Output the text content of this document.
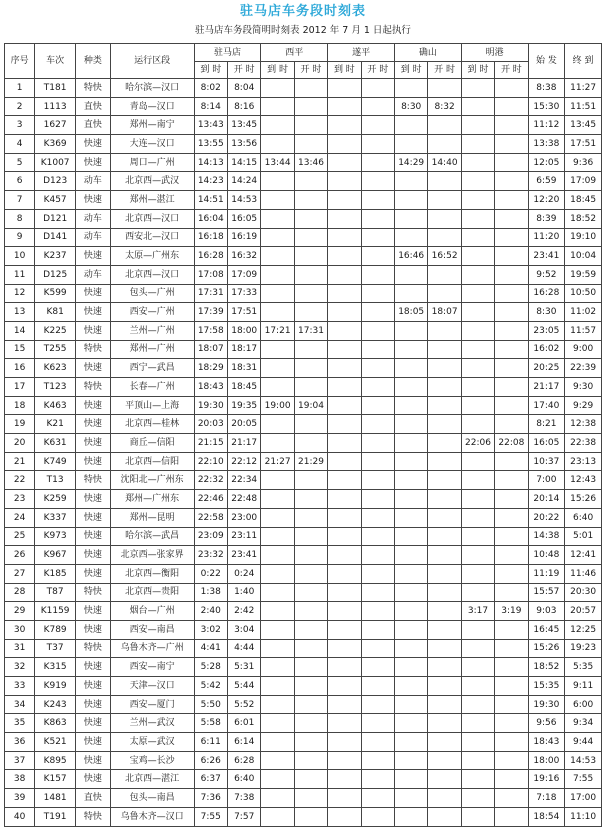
驻马店车务段时刻表
驻马店车务段简明时刻表 2012 年 7 月 1 日起执行
序号	车次	种类	运行区段	驻马店		西平		遂平		确山		明港		始 发	终 到
				到 时	开 时	到 时	开 时	到 时	开 时	到 时	开 时	到 时	开 时		
1	T181	特快	哈尔滨—汉口	8:02	8:04									8:38	11:27
2	1113	直快	青岛—汉口	8:14	8:16					8:30	8:32			15:30	11:51
3	1627	直快	郑州—南宁	13:43	13:45									11:12	13:45
4	K369	快速	大连—汉口	13:55	13:56									13:38	17:51
5	K1007	快速	周口—广州	14:13	14:15	13:44	13:46			14:29	14:40			12:05	9:36
6	D123	动车	北京西—武汉	14:23	14:24									6:59	17:09
7	K457	快速	郑州—湛江	14:51	14:53									12:20	18:45
8	D121	动车	北京西—汉口	16:04	16:05									8:39	18:52
9	D141	动车	西安北—汉口	16:18	16:19									11:20	19:10
10	K237	快速	太原—广州东	16:28	16:32					16:46	16:52			23:41	10:04
11	D125	动车	北京西—汉口	17:08	17:09									9:52	19:59
12	K599	快速	包头—广州	17:31	17:33									16:28	10:50
13	K81	快速	西安—广州	17:39	17:51					18:05	18:07			8:30	11:02
14	K225	快速	兰州—广州	17:58	18:00	17:21	17:31							23:05	11:57
15	T255	特快	郑州—广州	18:07	18:17									16:02	9:00
16	K623	快速	西宁—武昌	18:29	18:31									20:25	22:39
17	T123	特快	长春—广州	18:43	18:45									21:17	9:30
18	K463	快速	平顶山—上海	19:30	19:35	19:00	19:04							17:40	9:29
19	K21	快速	北京西—桂林	20:03	20:05									8:21	12:38
20	K631	快速	商丘—信阳	21:15	21:17							22:06	22:08	16:05	22:38
21	K749	快速	北京西—信阳	22:10	22:12	21:27	21:29							10:37	23:13
22	T13	特快	沈阳北—广州东	22:32	22:34									7:00	12:43
23	K259	快速	郑州—广州东	22:46	22:48									20:14	15:26
24	K337	快速	郑州—昆明	22:58	23:00									20:22	6:40
25	K973	快速	哈尔滨—武昌	23:09	23:11									14:38	5:01
26	K967	快速	北京西—张家界	23:32	23:41									10:48	12:41
27	K185	快速	北京西—衡阳	0:22	0:24									11:19	11:46
28	T87	特快	北京西—贵阳	1:38	1:40									15:57	20:30
29	K1159	快速	烟台—广州	2:40	2:42							3:17	3:19	9:03	20:57
30	K789	快速	西安—南昌	3:02	3:04									16:45	12:25
31	T37	特快	乌鲁木齐—广州	4:41	4:44									15:26	19:23
32	K315	快速	西安—南宁	5:28	5:31									18:52	5:35
33	K919	快速	天津—汉口	5:42	5:44									15:35	9:11
34	K243	快速	西安—厦门	5:50	5:52									19:30	6:00
35	K863	快速	兰州—武汉	5:58	6:01									9:56	9:34
36	K521	快速	太原—武汉	6:11	6:14									18:43	9:44
37	K895	快速	宝鸡—长沙	6:26	6:28									18:00	14:53
38	K157	快速	北京西—湛江	6:37	6:40									19:16	7:55
39	1481	直快	包头—南昌	7:36	7:38									7:18	17:00
40	T191	特快	乌鲁木齐—汉口	7:55	7:57									18:54	11:10
